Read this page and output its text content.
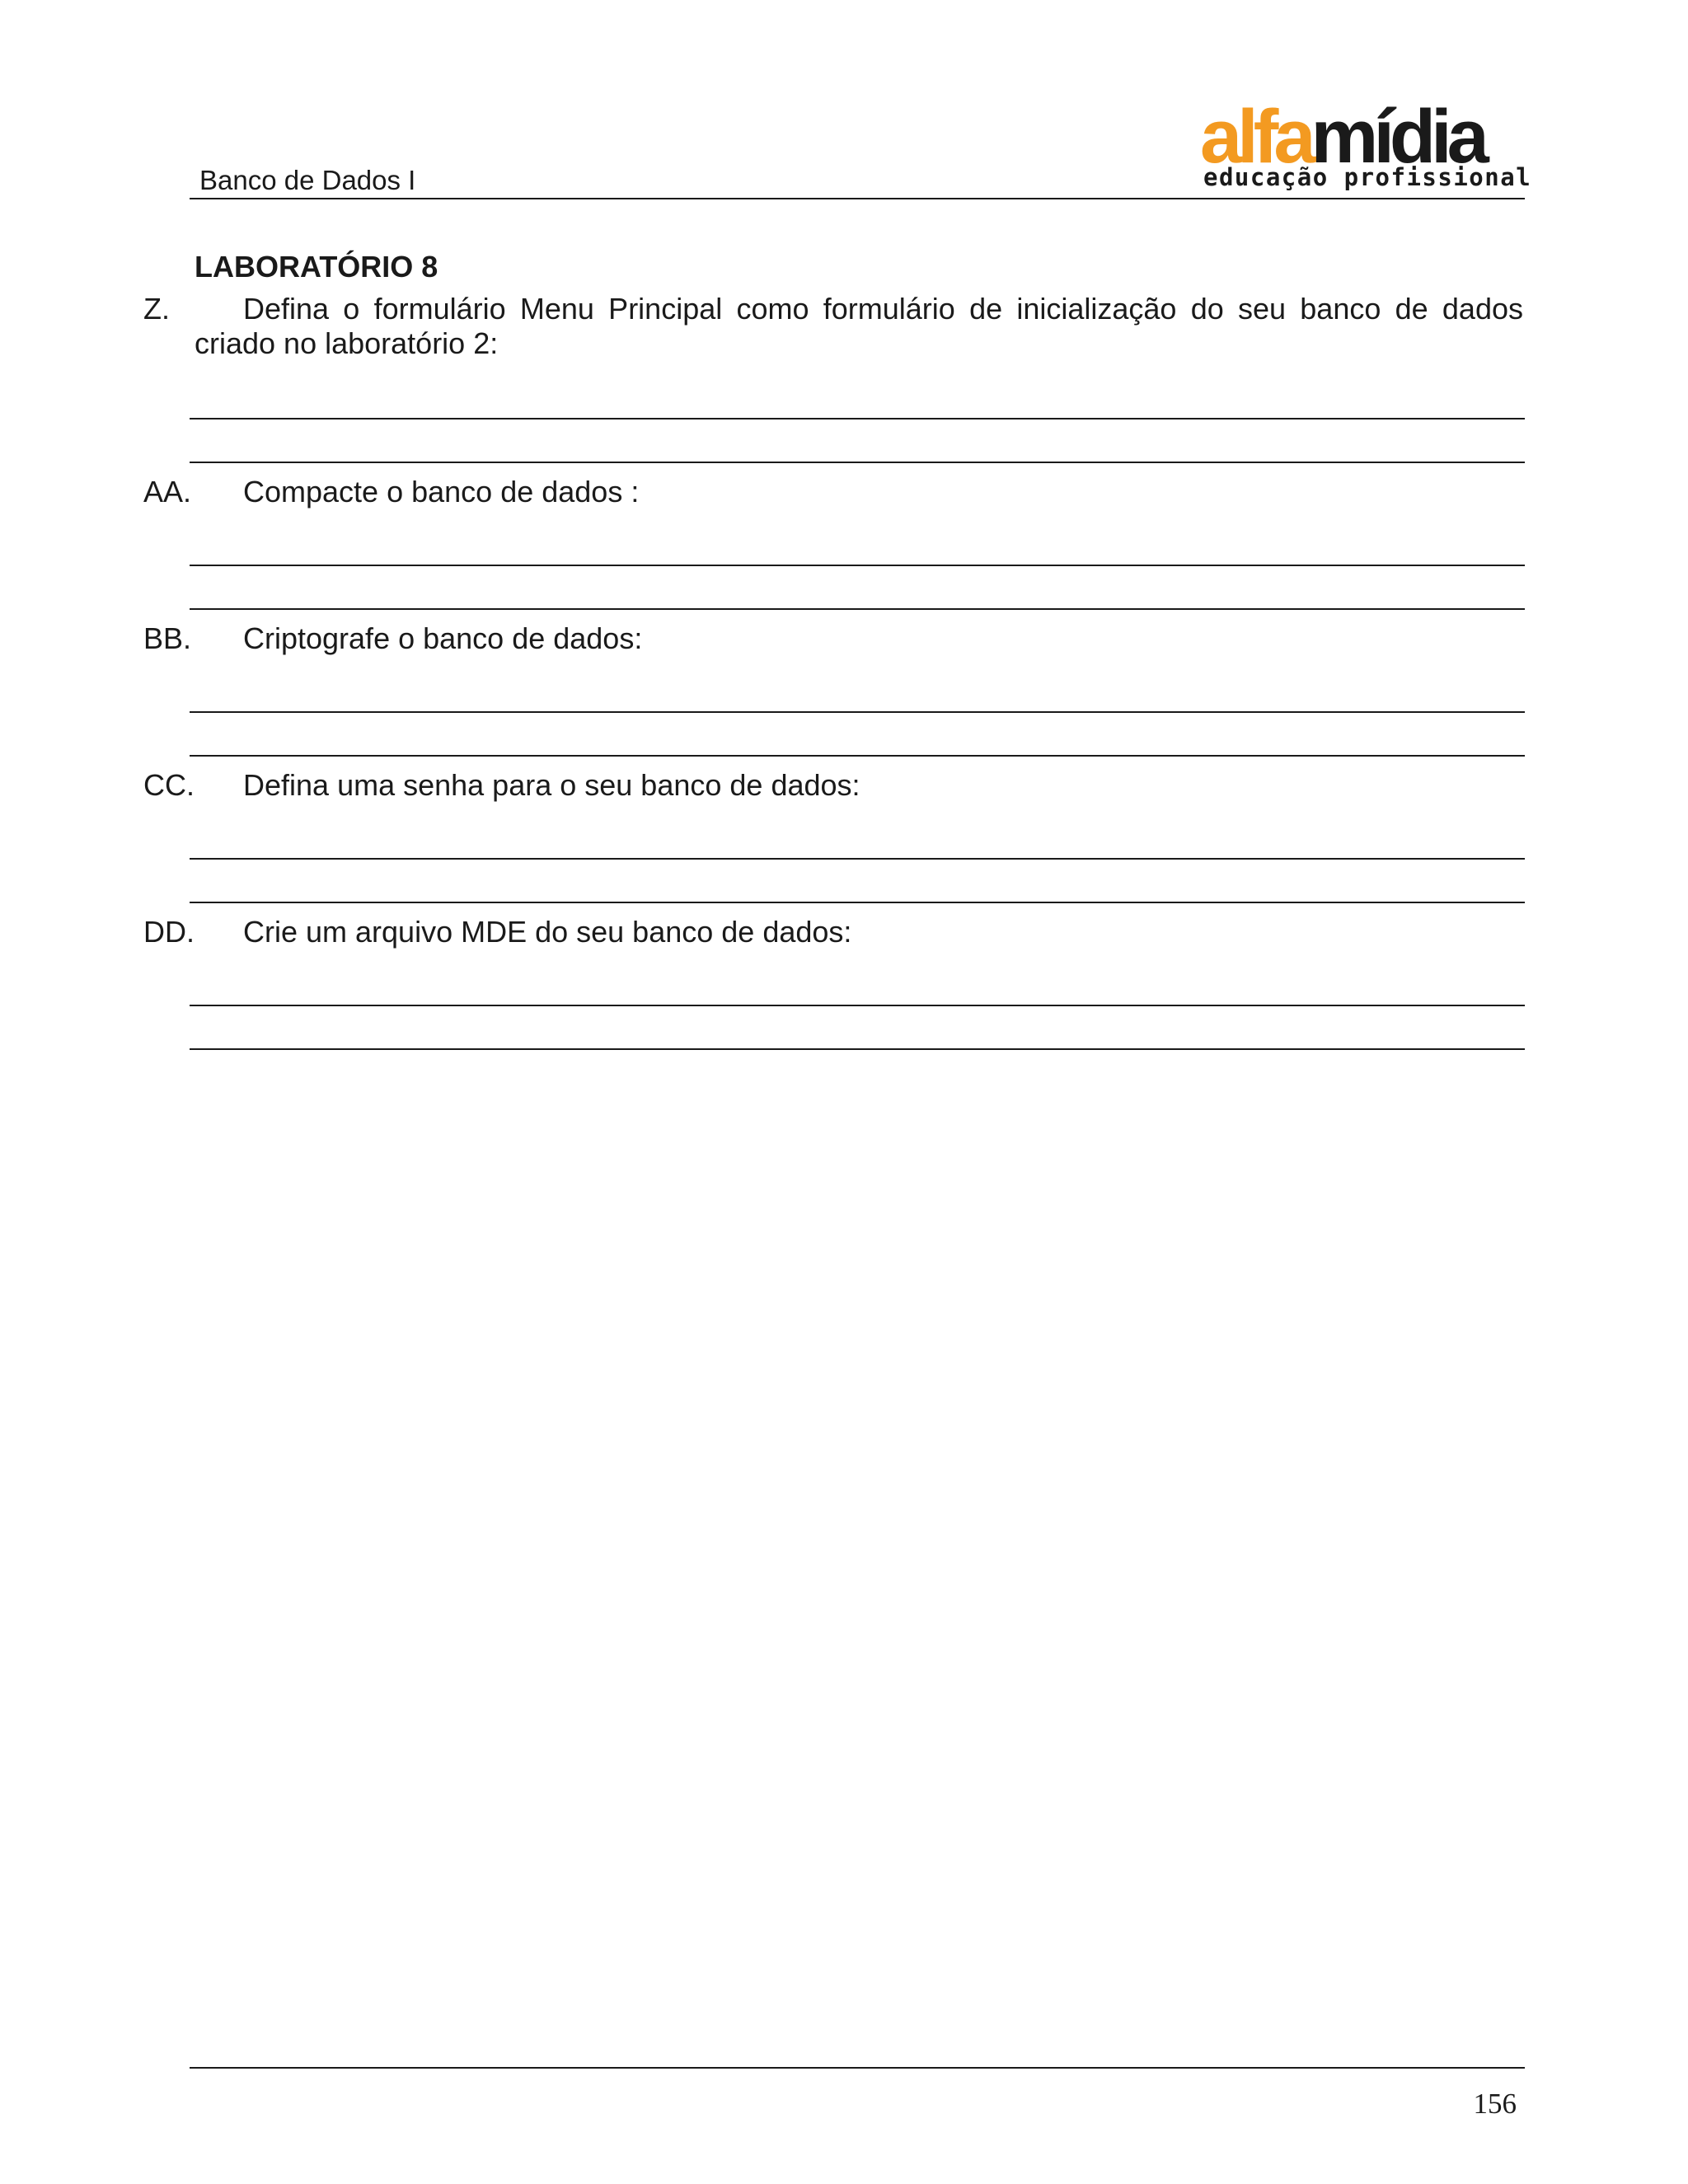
Banco de Dados I
alfamídia
educação profissional
LABORATÓRIO 8
Z.	Defina o formulário Menu Principal como formulário de inicialização do seu banco de dados criado no laboratório 2:
AA. Compacte o banco de dados :
BB. Criptografe o banco de dados:
CC. Defina uma senha para o seu banco de dados:
DD. Crie um arquivo MDE do seu banco de dados:
156
